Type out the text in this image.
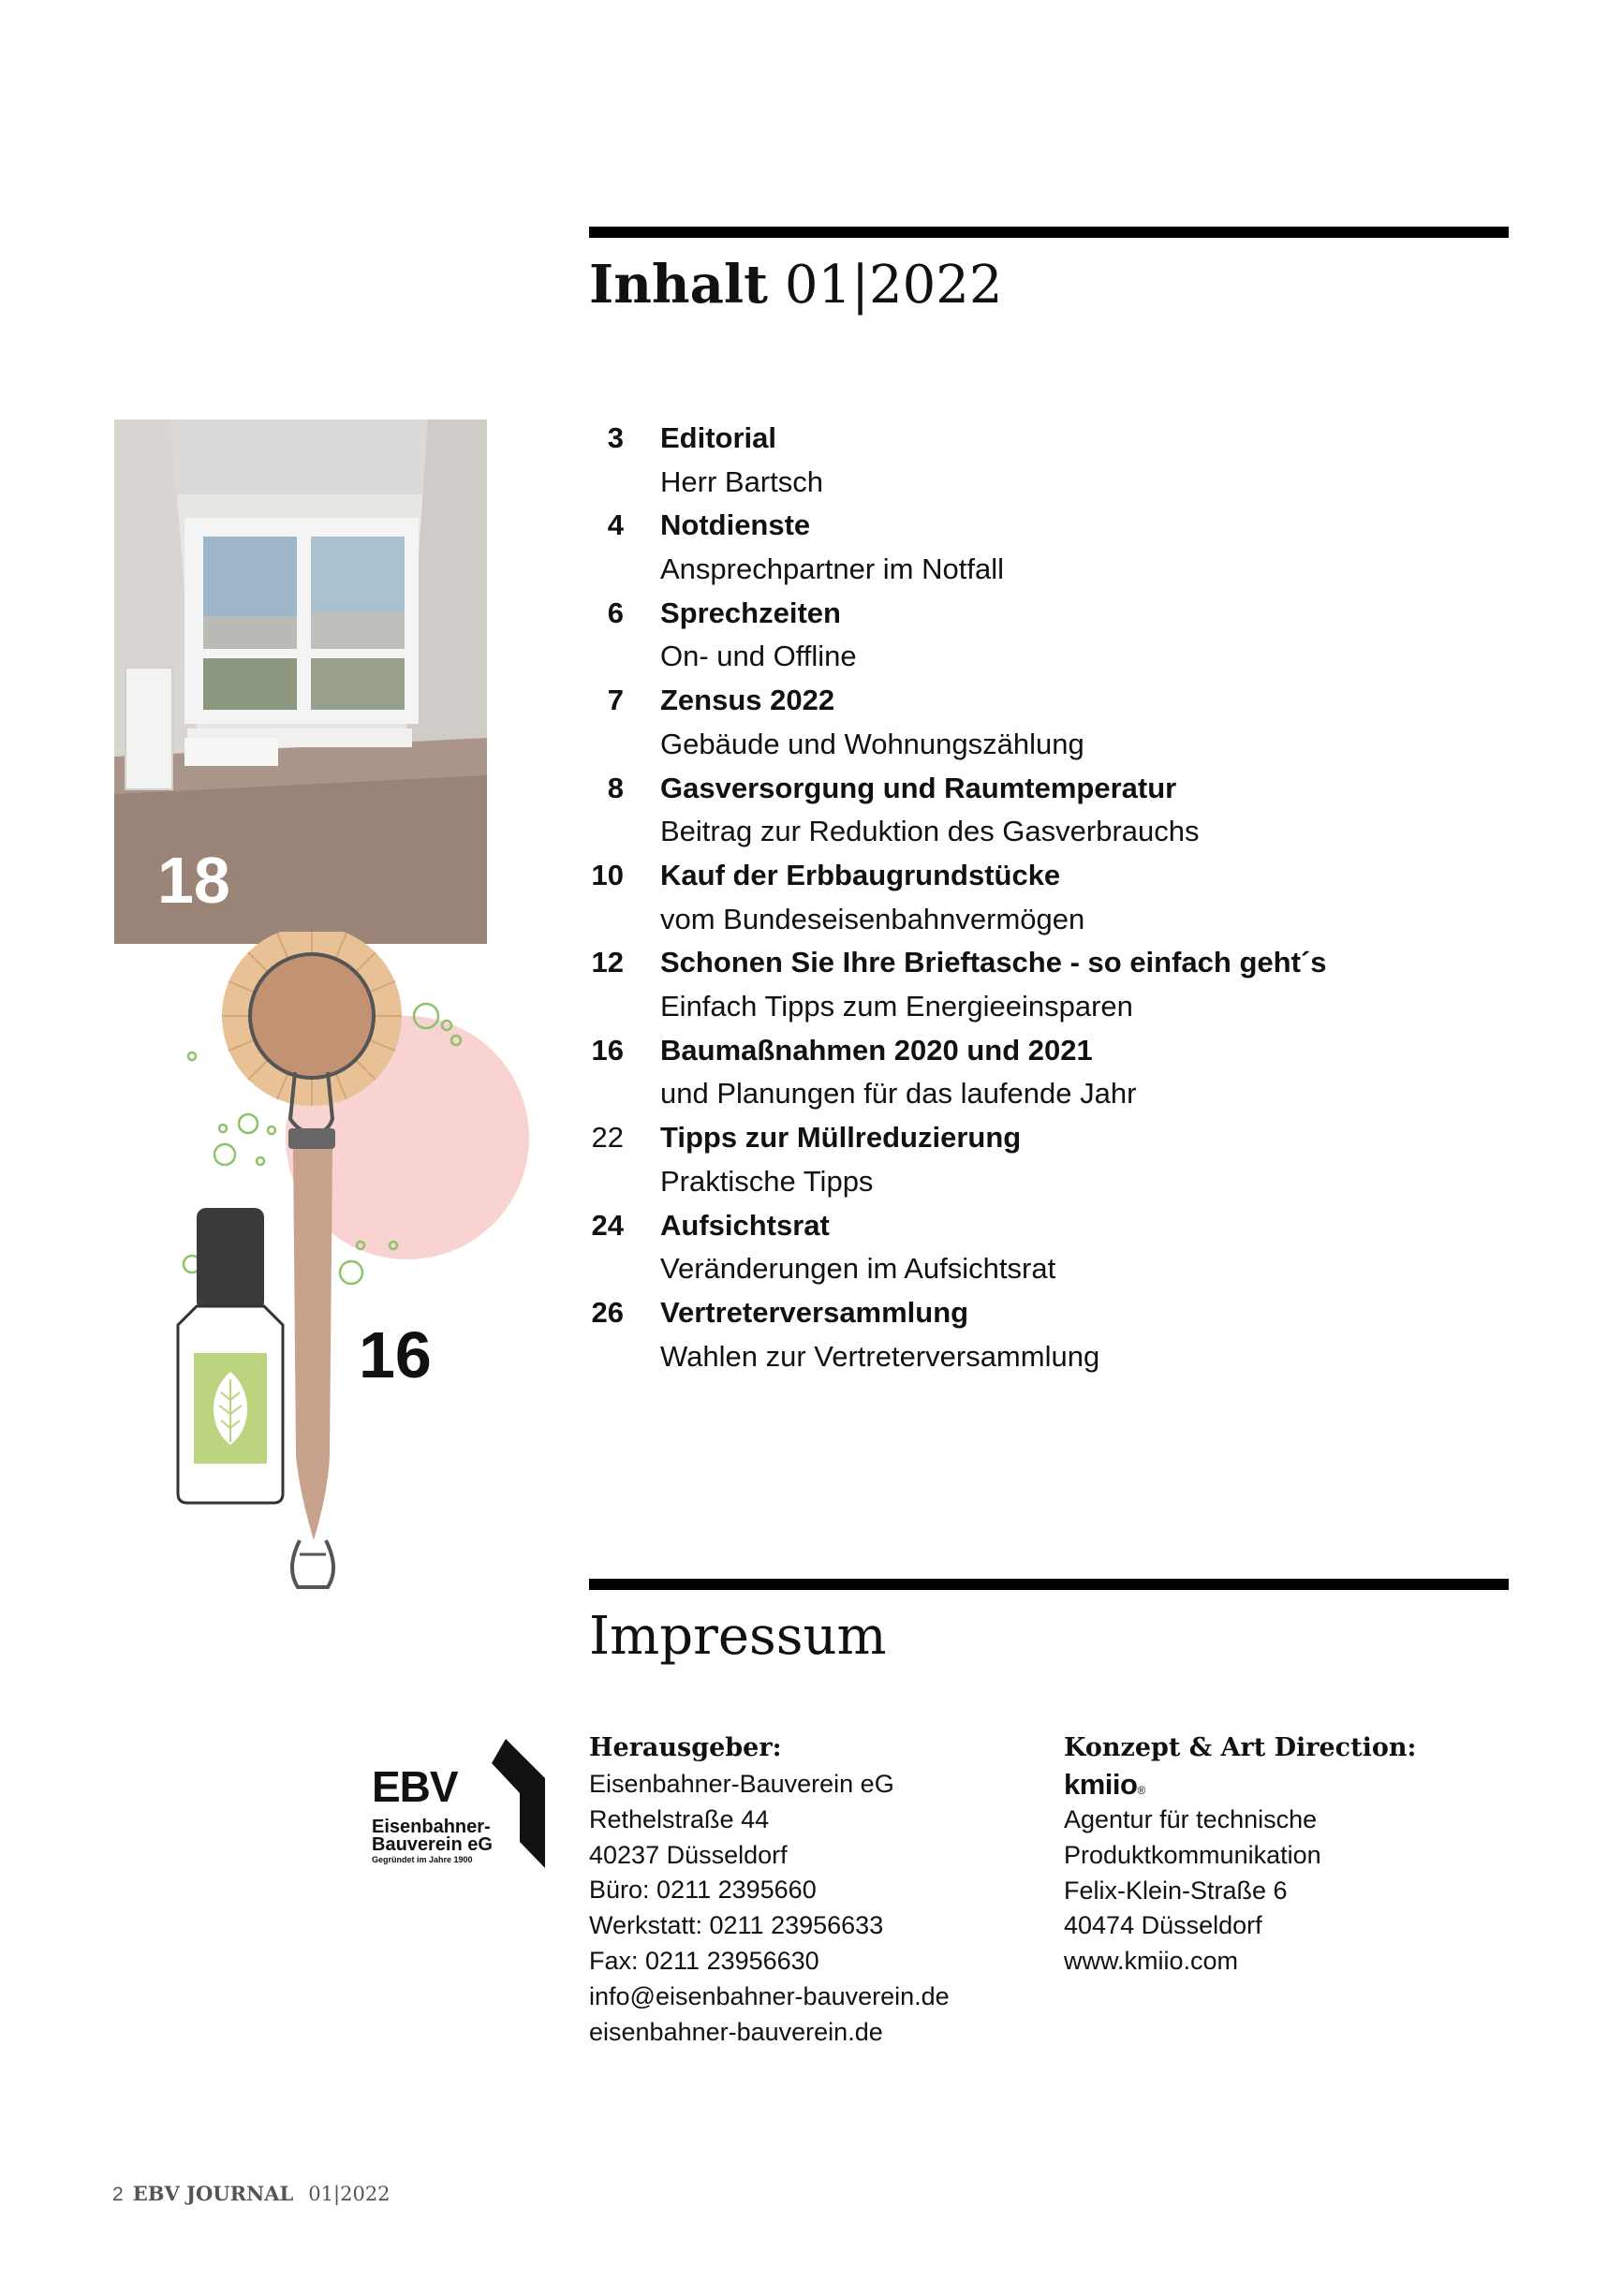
Inhalt 01|2022
3 Editorial
Herr Bartsch
4 Notdienste
Ansprechpartner im Notfall
6 Sprechzeiten
On- und Offline
7 Zensus 2022
Gebäude und Wohnungszählung
8 Gasversorgung und Raumtemperatur
Beitrag zur Reduktion des Gasverbrauchs
10 Kauf der Erbbaugrundstücke
vom Bundeseisenbahnvermögen
12 Schonen Sie Ihre Brieftasche - so einfach geht´s
Einfach Tipps zum Energieeinsparen
16 Baumaßnahmen 2020 und 2021
und Planungen für das laufende Jahr
22 Tipps zur Müllreduzierung
Praktische Tipps
24 Aufsichtsrat
Veränderungen im Aufsichtsrat
26 Vertreterversammlung
Wahlen zur Vertreterversammlung
18
16
Impressum
EBV
Eisenbahner-
Bauverein eG
Gegründet im Jahre 1900
Herausgeber:
Eisenbahner-Bauverein eG
Rethelstraße 44
40237 Düsseldorf
Büro: 0211 2395660
Werkstatt: 0211 23956633
Fax: 0211 23956630
info@eisenbahner-bauverein.de
eisenbahner-bauverein.de
Konzept & Art Direction:
kmiio®
Agentur für technische
Produktkommunikation
Felix-Klein-Straße 6
40474 Düsseldorf
www.kmiio.com
2 EBV JOURNAL 01|2022
